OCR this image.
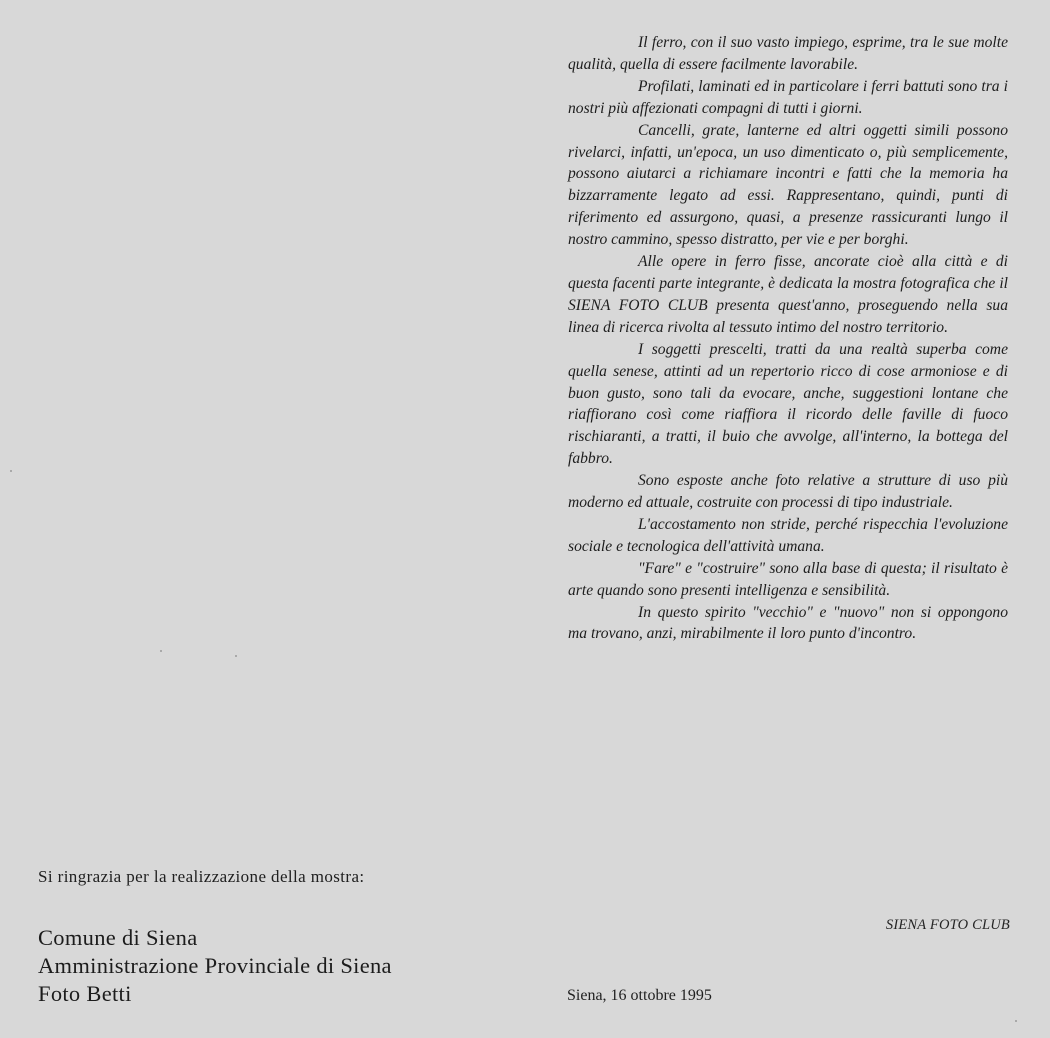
Il ferro, con il suo vasto impiego, esprime, tra le sue molte qualità, quella di essere facilmente lavorabile.

Profilati, laminati ed in particolare i ferri battuti sono tra i nostri più affezionati compagni di tutti i giorni.

Cancelli, grate, lanterne ed altri oggetti simili possono rivelarci, infatti, un'epoca, un uso dimenticato o, più semplicemente, possono aiutarci a richiamare incontri e fatti che la memoria ha bizzarramente legato ad essi. Rappresentano, quindi, punti di riferimento ed assurgono, quasi, a presenze rassicuranti lungo il nostro cammino, spesso distratto, per vie e per borghi.

Alle opere in ferro fisse, ancorate cioè alla città e di questa facenti parte integrante, è dedicata la mostra fotografica che il SIENA FOTO CLUB presenta quest'anno, proseguendo nella sua linea di ricerca rivolta al tessuto intimo del nostro territorio.

I soggetti prescelti, tratti da una realtà superba come quella senese, attinti ad un repertorio ricco di cose armoniose e di buon gusto, sono tali da evocare, anche, suggestioni lontane che riaffiorano così come riaffiora il ricordo delle faville di fuoco rischiaranti, a tratti, il buio che avvolge, all'interno, la bottega del fabbro.

Sono esposte anche foto relative a strutture di uso più moderno ed attuale, costruite con processi di tipo industriale.

L'accostamento non stride, perché rispecchia l'evoluzione sociale e tecnologica dell'attività umana.

"Fare" e "costruire" sono alla base di questa; il risultato è arte quando sono presenti intelligenza e sensibilità.

In questo spirito "vecchio" e "nuovo" non si oppongono ma trovano, anzi, mirabilmente il loro punto d'incontro.

SIENA FOTO CLUB
Siena, 16 ottobre 1995
Si ringrazia per la realizzazione della mostra:
Comune di Siena
Amministrazione Provinciale di Siena
Foto Betti
